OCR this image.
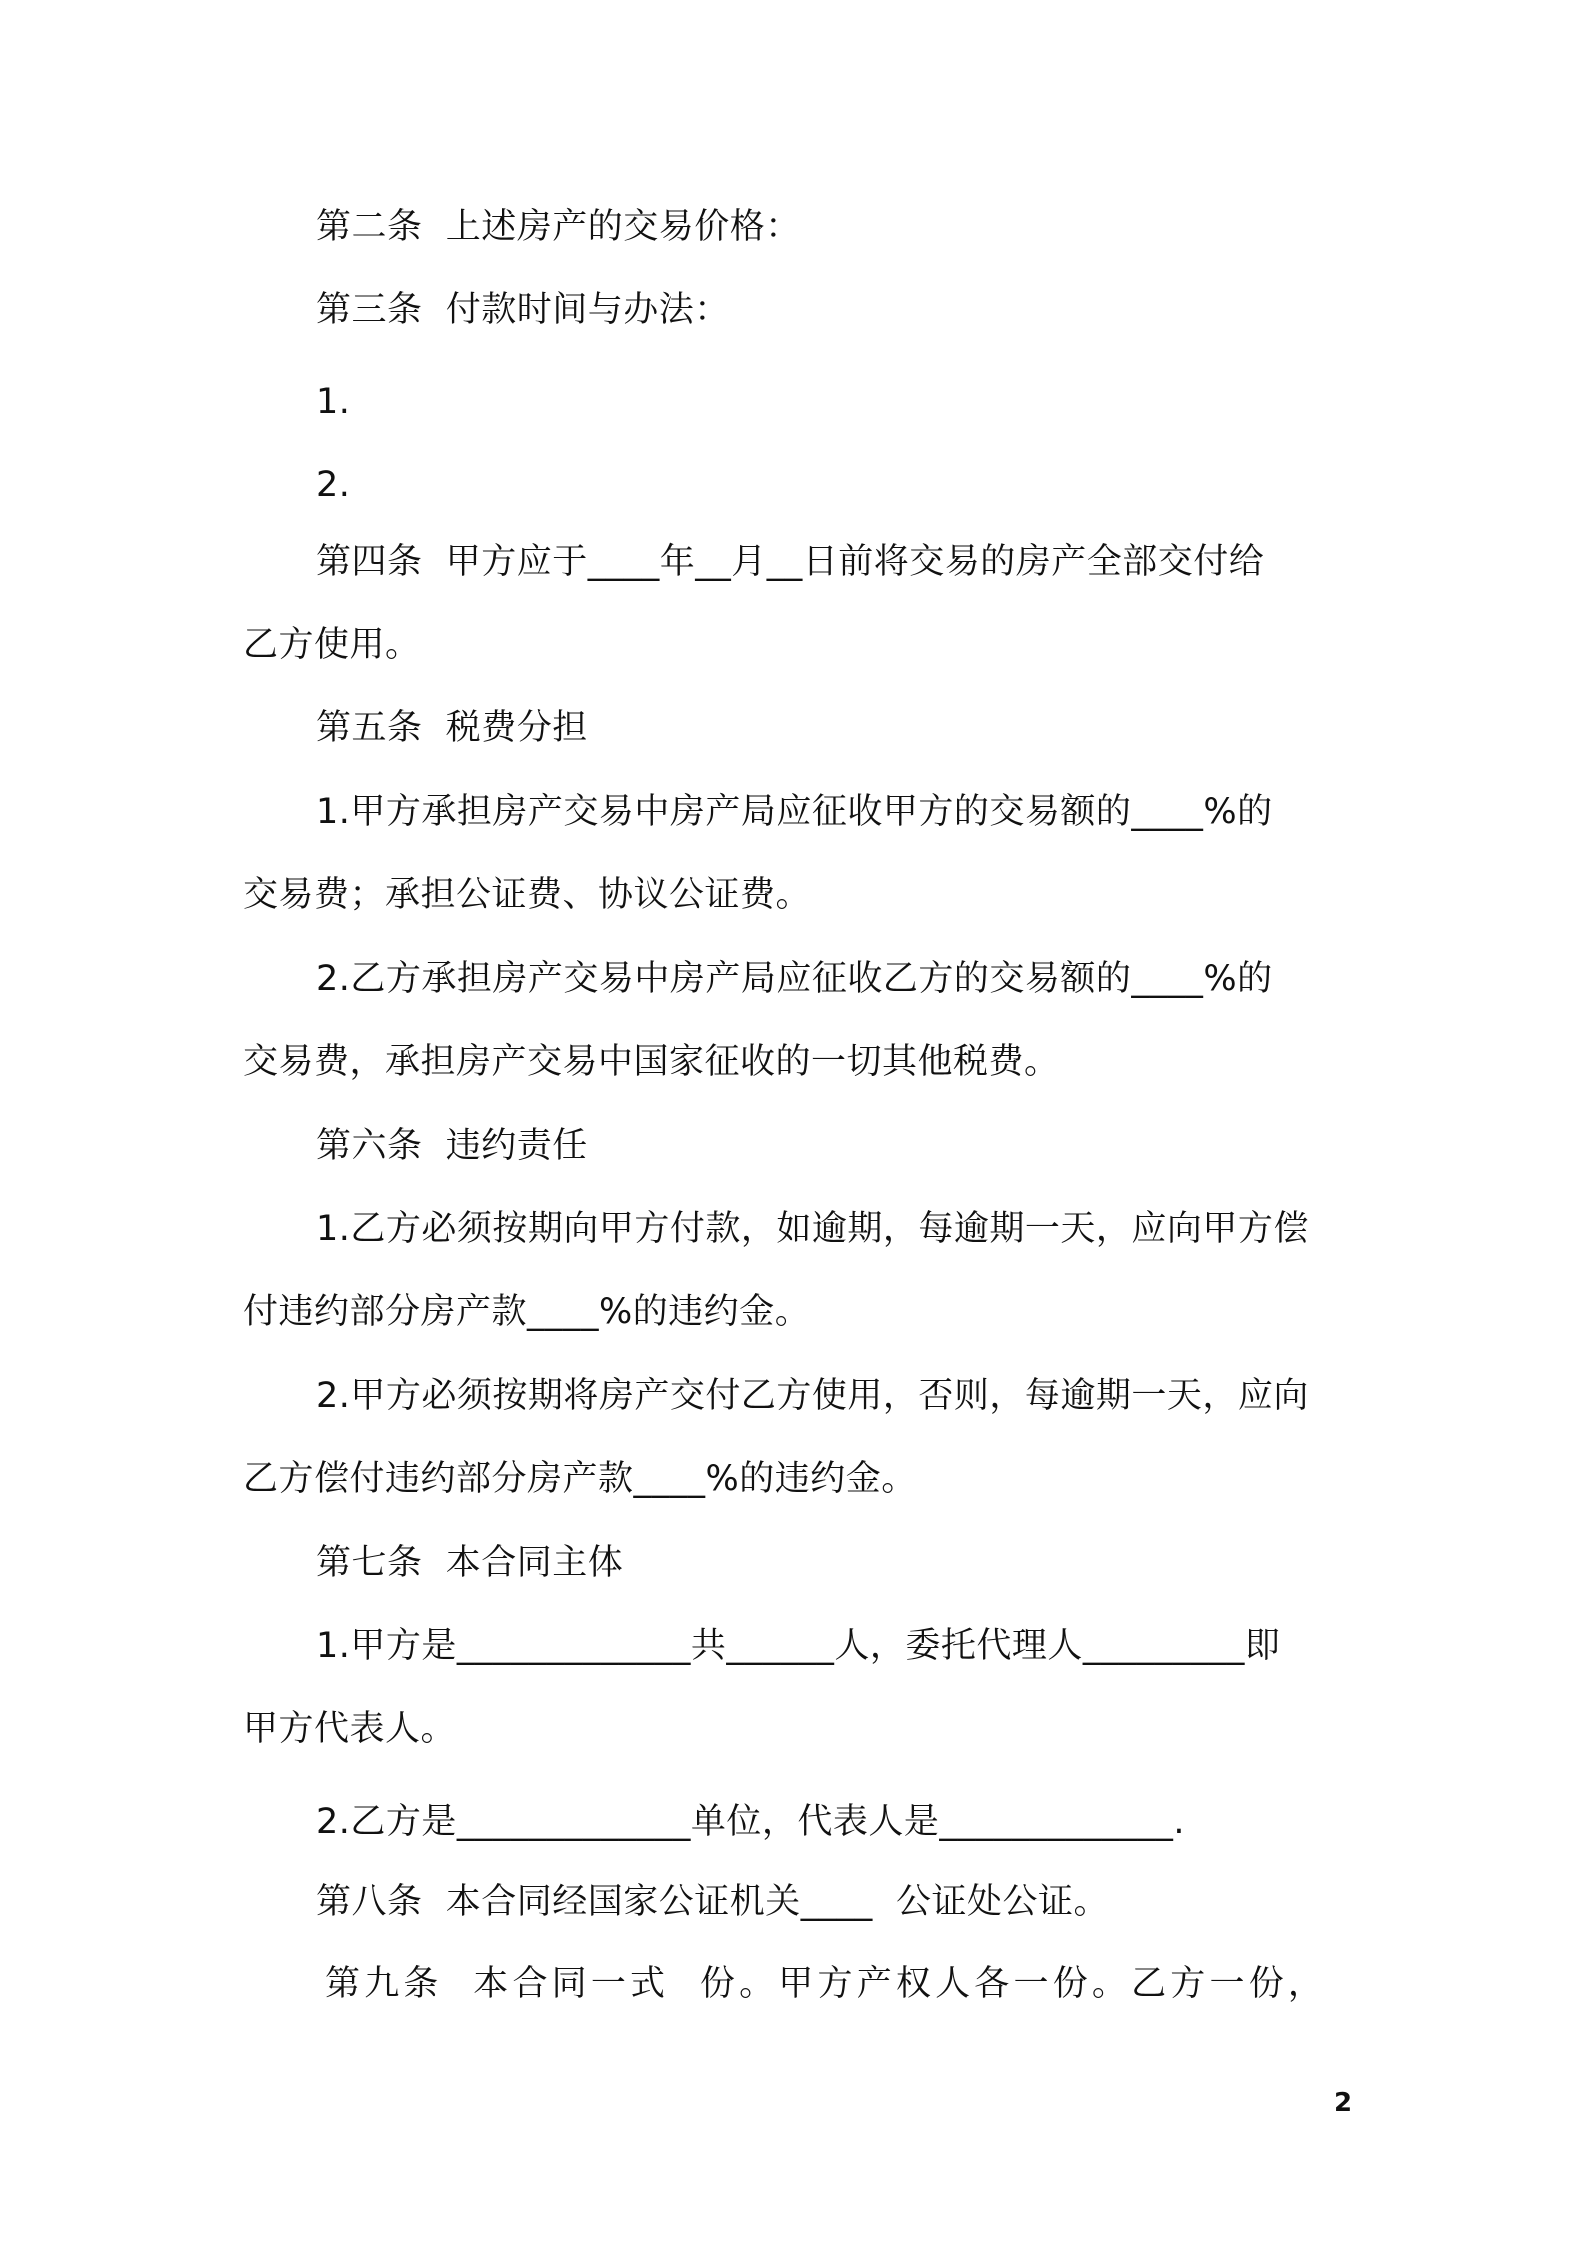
第二条  上述房产的交易价格：
第三条  付款时间与办法：
1.
2.
第四条  甲方应于____年__月__日前将交易的房产全部交付给
乙方使用。
第五条  税费分担
1.甲方承担房产交易中房产局应征收甲方的交易额的____%的
交易费；承担公证费、协议公证费。
2.乙方承担房产交易中房产局应征收乙方的交易额的____%的
交易费，承担房产交易中国家征收的一切其他税费。
第六条  违约责任
1.乙方必须按期向甲方付款，如逾期，每逾期一天，应向甲方偿
付违约部分房产款____%的违约金。
2.甲方必须按期将房产交付乙方使用，否则，每逾期一天，应向
乙方偿付违约部分房产款____%的违约金。
第七条  本合同主体
1.甲方是_____________共______人，委托代理人_________即
甲方代表人。
2.乙方是_____________单位，代表人是_____________.
第八条  本合同经国家公证机关____  公证处公证。
第九条  本合同一式  份。甲方产权人各一份。乙方一份，
2
